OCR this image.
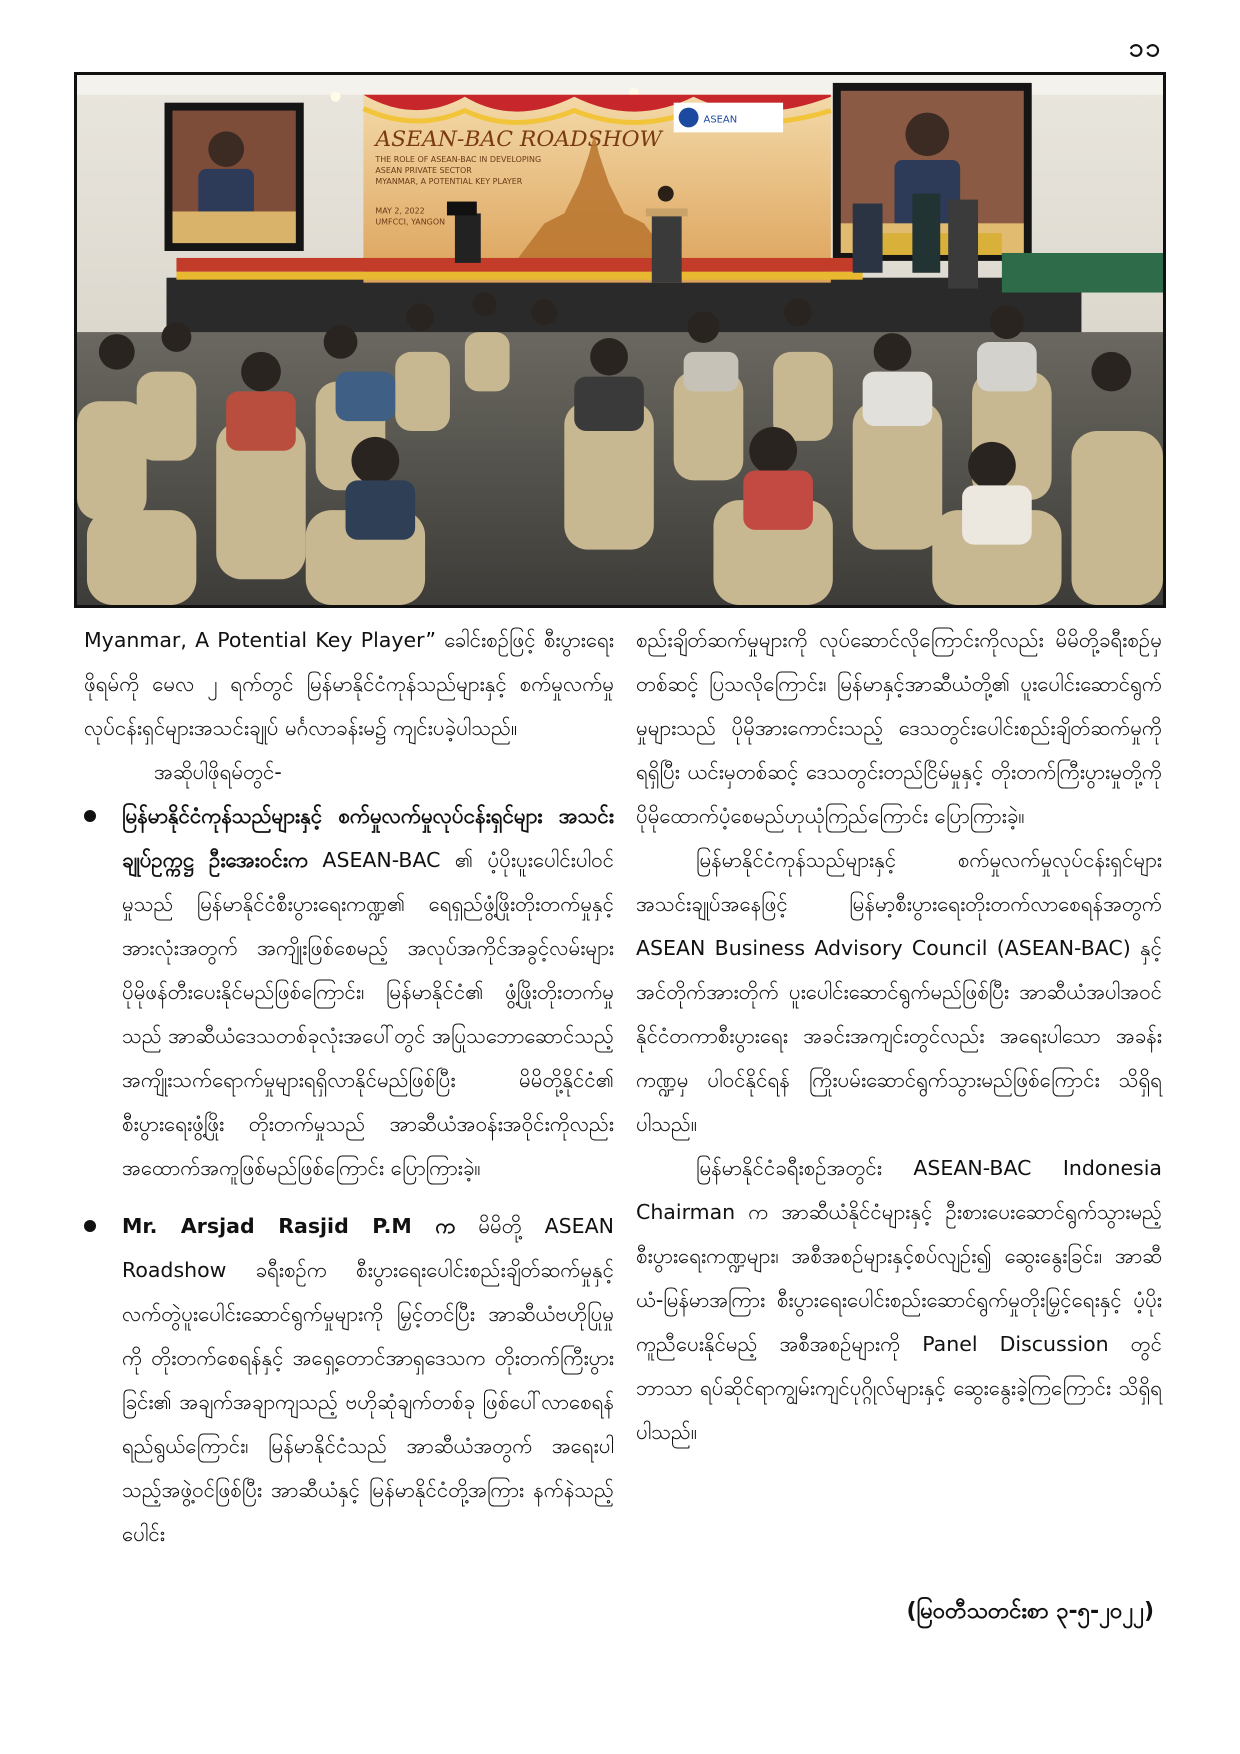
၁၁
ASEAN-BAC ROADSHOW
THE ROLE OF ASEAN-BAC IN DEVELOPING
ASEAN PRIVATE SECTOR
MYANMAR, A POTENTIAL KEY PLAYER
MAY 2, 2022
UMFCCI, YANGON
ASEAN

Myanmar, A Potential Key Player” ခေါင်းစဉ်ဖြင့် စီးပွားရေးဖိုရမ်ကို မေလ ၂ ရက်တွင် မြန်မာနိုင်ငံကုန်သည်များနှင့် စက်မှုလက်မှုလုပ်ငန်းရှင်များအသင်းချုပ် မင်္ဂလာခန်းမ၌ ကျင်းပခဲ့ပါသည်။

အဆိုပါဖိုရမ်တွင်-

မြန်မာနိုင်ငံကုန်သည်များနှင့် စက်မှုလက်မှုလုပ်ငန်းရှင်များ အသင်းချုပ်ဥက္ကဋ္ဌ ဦးအေးဝင်းက ASEAN-BAC ၏ ပံ့ပိုးပူးပေါင်းပါဝင်မှုသည် မြန်မာနိုင်ငံစီးပွားရေးကဏ္ဍ၏ ရေရှည်ဖွံ့ဖြိုးတိုးတက်မှုနှင့် အားလုံးအတွက် အကျိုးဖြစ်စေမည့် အလုပ်အကိုင်အခွင့်လမ်းများ ပိုမိုဖန်တီးပေးနိုင်မည်ဖြစ်ကြောင်း၊ မြန်မာနိုင်ငံ၏ ဖွံ့ဖြိုးတိုးတက်မှုသည် အာဆီယံဒေသတစ်ခုလုံးအပေါ်တွင် အပြုသဘောဆောင်သည့် အကျိုးသက်ရောက်မှုများရရှိလာနိုင်မည်ဖြစ်ပြီး မိမိတို့နိုင်ငံ၏ စီးပွားရေးဖွံ့ဖြိုး တိုးတက်မှုသည် အာဆီယံအဝန်းအဝိုင်းကိုလည်း အထောက်အကူဖြစ်မည်ဖြစ်ကြောင်း ပြောကြားခဲ့။

Mr. Arsjad Rasjid P.M က မိမိတို့ ASEAN Roadshow ခရီးစဉ်က စီးပွားရေးပေါင်းစည်းချိတ်ဆက်မှုနှင့် လက်တွဲပူးပေါင်းဆောင်ရွက်မှုများကို မြှင့်တင်ပြီး အာဆီယံဗဟိုပြုမှုကို တိုးတက်စေရန်နှင့် အရှေ့တောင်အာရှဒေသက တိုးတက်ကြီးပွားခြင်း၏ အချက်အချာကျသည့် ဗဟိုဆုံချက်တစ်ခု ဖြစ်ပေါ်လာစေရန်ရည်ရွယ်ကြောင်း၊ မြန်မာနိုင်ငံသည် အာဆီယံအတွက် အရေးပါသည့်အဖွဲ့ဝင်ဖြစ်ပြီး အာဆီယံနှင့် မြန်မာနိုင်ငံတို့အကြား နက်နဲသည့် ပေါင်း

စည်းချိတ်ဆက်မှုများကို လုပ်ဆောင်လိုကြောင်းကိုလည်း မိမိတို့ခရီးစဉ်မှတစ်ဆင့် ပြသလိုကြောင်း၊ မြန်မာနှင့်အာဆီယံတို့၏ ပူးပေါင်းဆောင်ရွက်မှုများသည် ပိုမိုအားကောင်းသည့် ဒေသတွင်းပေါင်းစည်းချိတ်ဆက်မှုကိုရရှိပြီး ယင်းမှတစ်ဆင့် ဒေသတွင်းတည်ငြိမ်မှုနှင့် တိုးတက်ကြီးပွားမှုတို့ကို ပိုမိုထောက်ပံ့စေမည်ဟုယုံကြည်ကြောင်း ပြောကြားခဲ့။

မြန်မာနိုင်ငံကုန်သည်များနှင့် စက်မှုလက်မှုလုပ်ငန်းရှင်များ အသင်းချုပ်အနေဖြင့် မြန်မာ့စီးပွားရေးတိုးတက်လာစေရန်အတွက် ASEAN Business Advisory Council (ASEAN-BAC) နှင့် အင်တိုက်အားတိုက် ပူးပေါင်းဆောင်ရွက်မည်ဖြစ်ပြီး အာဆီယံအပါအဝင် နိုင်ငံတကာစီးပွားရေး အခင်းအကျင်းတွင်လည်း အရေးပါသော အခန်းကဏ္ဍမှ ပါဝင်နိုင်ရန် ကြိုးပမ်းဆောင်ရွက်သွားမည်ဖြစ်ကြောင်း သိရှိရပါသည်။

မြန်မာနိုင်ငံခရီးစဉ်အတွင်း ASEAN-BAC Indonesia Chairman က အာဆီယံနိုင်ငံများနှင့် ဦးစားပေးဆောင်ရွက်သွားမည့် စီးပွားရေးကဏ္ဍများ၊ အစီအစဉ်များနှင့်စပ်လျဉ်း၍ ဆွေးနွေးခြင်း၊ အာဆီယံ-မြန်မာအကြား စီးပွားရေးပေါင်းစည်းဆောင်ရွက်မှုတိုးမြှင့်ရေးနှင့် ပံ့ပိုးကူညီပေးနိုင်မည့် အစီအစဉ်များကို Panel Discussion တွင် ဘာသာ ရပ်ဆိုင်ရာကျွမ်းကျင်ပုဂ္ဂိုလ်များနှင့် ဆွေးနွေးခဲ့ကြကြောင်း သိရှိရပါသည်။

(မြဝတီသတင်းစာ ၃-၅-၂၀၂၂)
